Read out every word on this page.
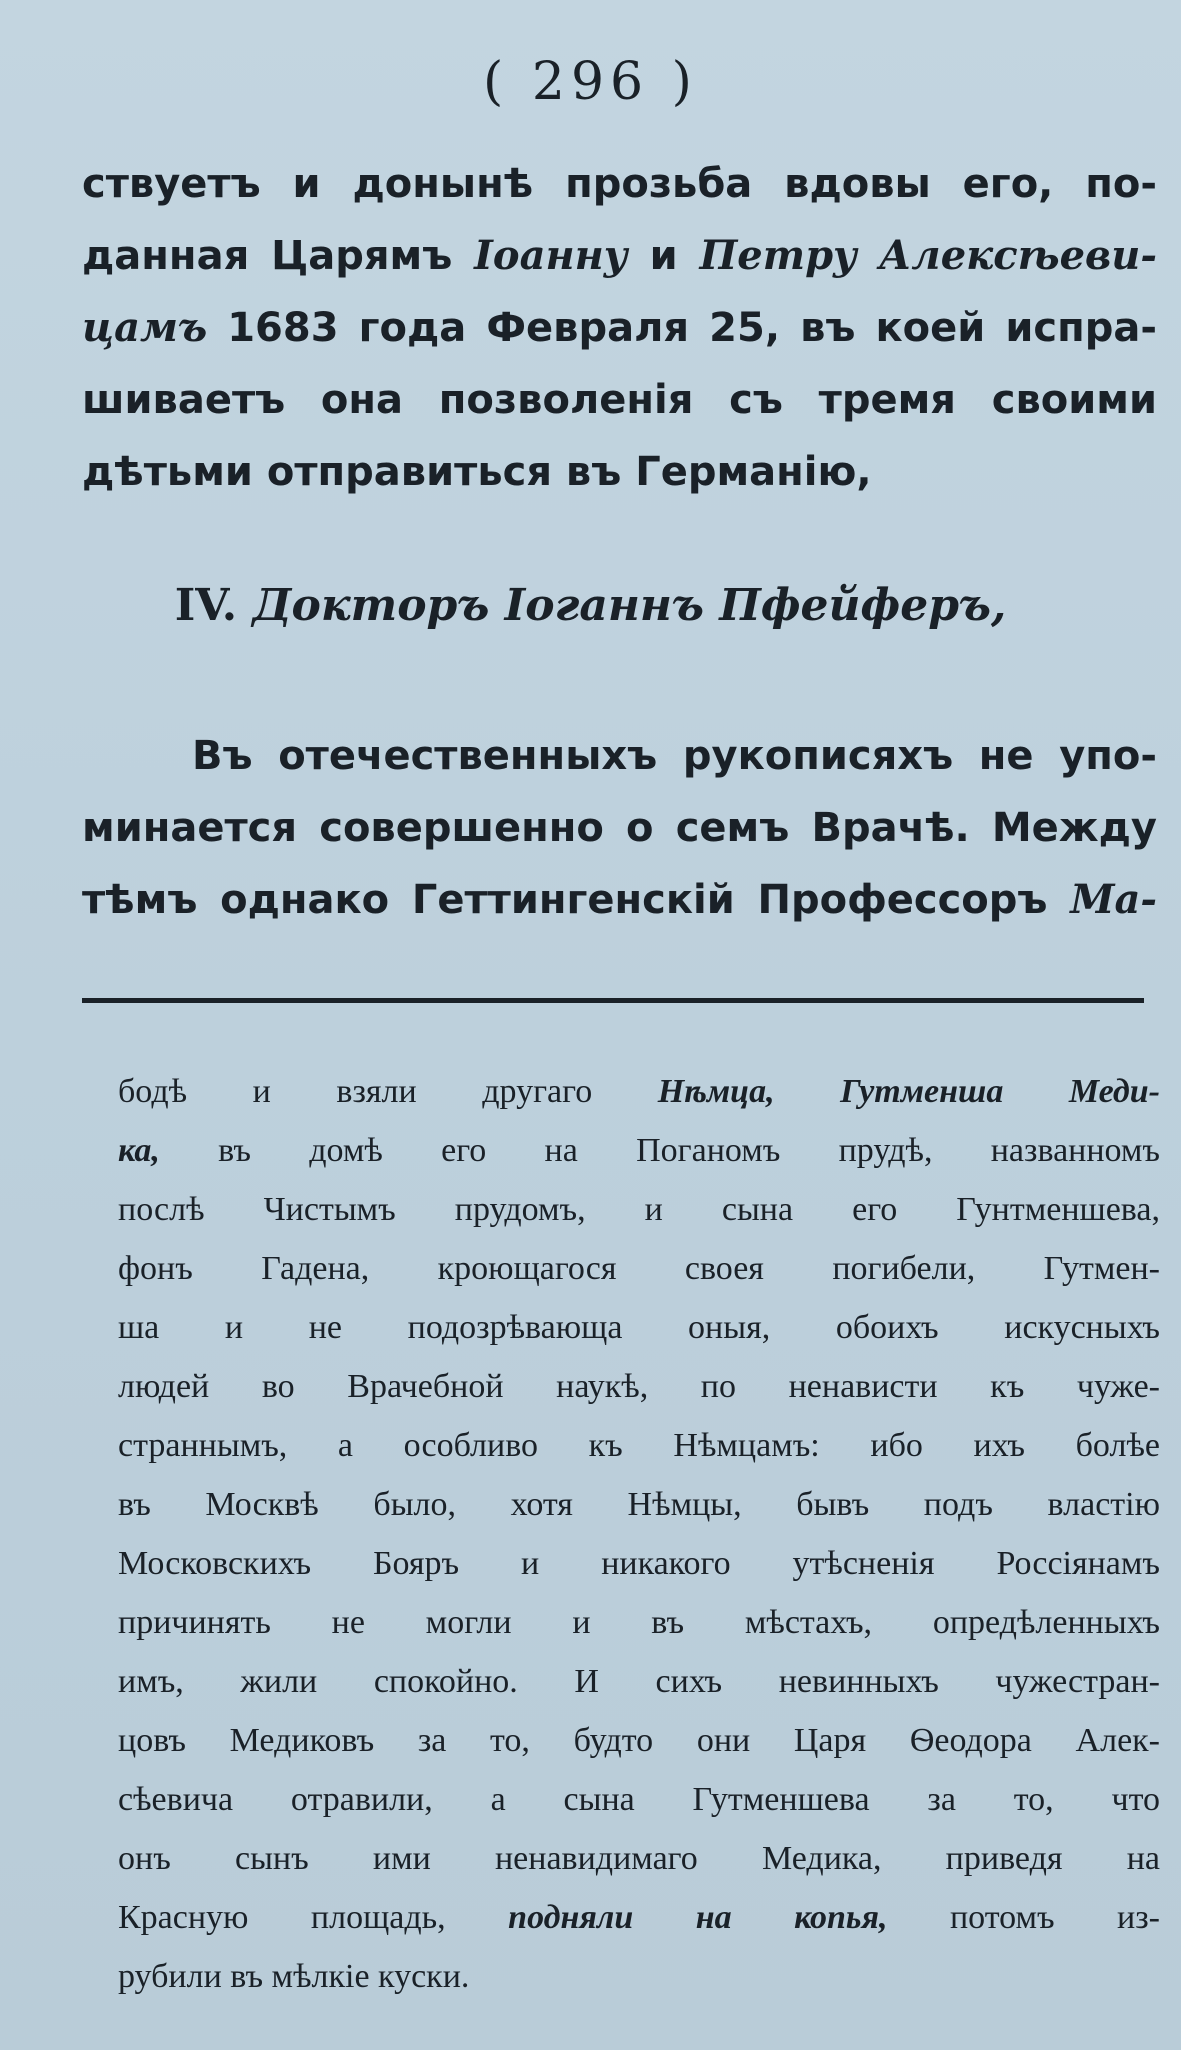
( 296 )
ствуетъ и донынѣ прозьба вдовы его, по-
данная Царямъ Іоанну и Петру Алексѣеви-
цамъ 1683 года Февраля 25, въ коей испра-
шиваетъ она позволенія съ тремя своими
дѣтьми отправиться въ Германію,
IV. Докторъ Іоганнъ Пфейферъ,
Въ отечественныхъ рукописяхъ не упо-
минается совершенно о семъ Врачѣ. Между
тѣмъ однако Геттингенскій Профессоръ Ма-
бодѣ и взяли другаго Нѣмца, Гутменша Меди-
ка, въ домѣ его на Поганомъ прудѣ, названномъ
послѣ Чистымъ прудомъ, и сына его Гунтменшева,
фонъ Гадена, кроющагося своея погибели, Гутмен-
ша и не подозрѣвающа оныя, обоихъ искусныхъ
людей во Врачебной наукѣ, по ненависти къ чуже-
страннымъ, а особливо къ Нѣмцамъ: ибо ихъ болѣе
въ Москвѣ было, хотя Нѣмцы, бывъ подъ властію
Московскихъ Бояръ и никакого утѣсненія Россіянамъ
причинять не могли и въ мѣстахъ, опредѣленныхъ
имъ, жили спокойно. И сихъ невинныхъ чужестран-
цовъ Медиковъ за то, будто они Царя Ѳеодора Алек-
сѣевича отравили, а сына Гутменшева за то, что
онъ сынъ ими ненавидимаго Медика, приведя на
Красную площадь, подняли на копья, потомъ из-
рубили въ мѣлкіе куски.
